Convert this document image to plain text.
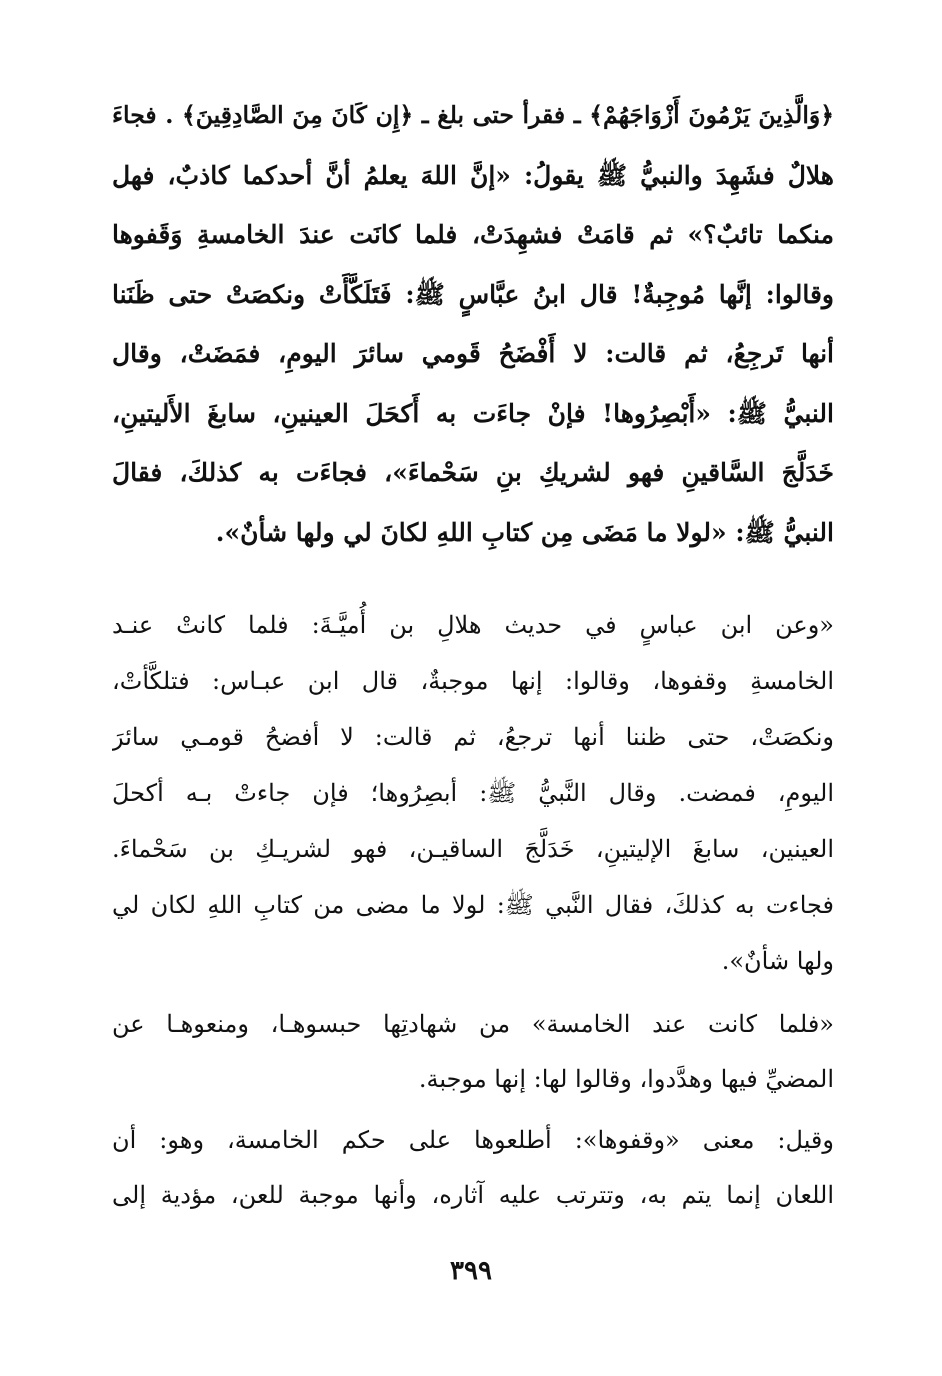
﴿وَالَّذِينَ يَرْمُونَ أَزْوَاجَهُمْ﴾ ـ فقرأ حتى بلغ ـ ﴿إِن كَانَ مِنَ الصَّادِقِينَ﴾ . فجاءَ
هلالٌ فشَهِدَ والنبيُّ ﷺ يقولُ: «إنَّ اللهَ يعلمُ أنَّ أحدكما كاذبٌ، فهل
منكما تائبٌ؟» ثم قامَتْ فشهِدَتْ، فلما كانَت عندَ الخامسةِ وَقَفوها
وقالوا: إنَّها مُوجِبةٌ! قال ابنُ عبَّاسٍ ﷺ: فَتَلَكَّأَتْ ونكصَتْ حتى ظَنَنا
أنها تَرجِعُ، ثم قالت: لا أَفْضَحُ قَومي سائرَ اليومِ، فمَضَتْ، وقال
النبيُّ ﷺ: «أَبْصِرُوها! فإنْ جاءَت به أَكحَلَ العينينِ، سابغَ الأَليتينِ،
خَدَلَّجَ السَّاقينِ فهو لشريكِ بنِ سَحْماءَ»، فجاءَت به كذلكَ، فقالَ
النبيُّ ﷺ: «لولا ما مَضَى مِن كتابِ اللهِ لكانَ لي ولها شأنٌ».
«وعن ابن عباسٍ في حديث هلالِ بن أُميَّـةَ: فلما كانتْ عنـد
الخامسةِ وقفوها، وقالوا: إنها موجبةٌ، قال ابن عبـاس: فتلكَّأتْ،
ونكصَتْ، حتى ظننا أنها ترجعُ، ثم قالت: لا أفضحُ قومـي سائرَ
اليومِ، فمضت. وقال النَّبيُّ ﷺ: أبصِرُوها؛ فإن جاءتْ بـه أكحلَ
العينين، سابغَ الإليتينِ، خَدَلَّجَ الساقيـن، فهو لشريـكِ بن سَحْماءَ.
فجاءت به كذلكَ، فقال النَّبي ﷺ: لولا ما مضى من كتابِ اللهِ لكان لي
ولها شأنٌ».
«فلما كانت عند الخامسة» من شهادتِها حبسوهـا، ومنعوهـا عن
المضيِّ فيها وهدَّدوا، وقالوا لها: إنها موجبة.
وقيل: معنى «وقفوها»: أطلعوها على حكم الخامسة، وهو: أن
اللعان إنما يتم به، وتترتب عليه آثاره، وأنها موجبة للعن، مؤدية إلى
٣٩٩
